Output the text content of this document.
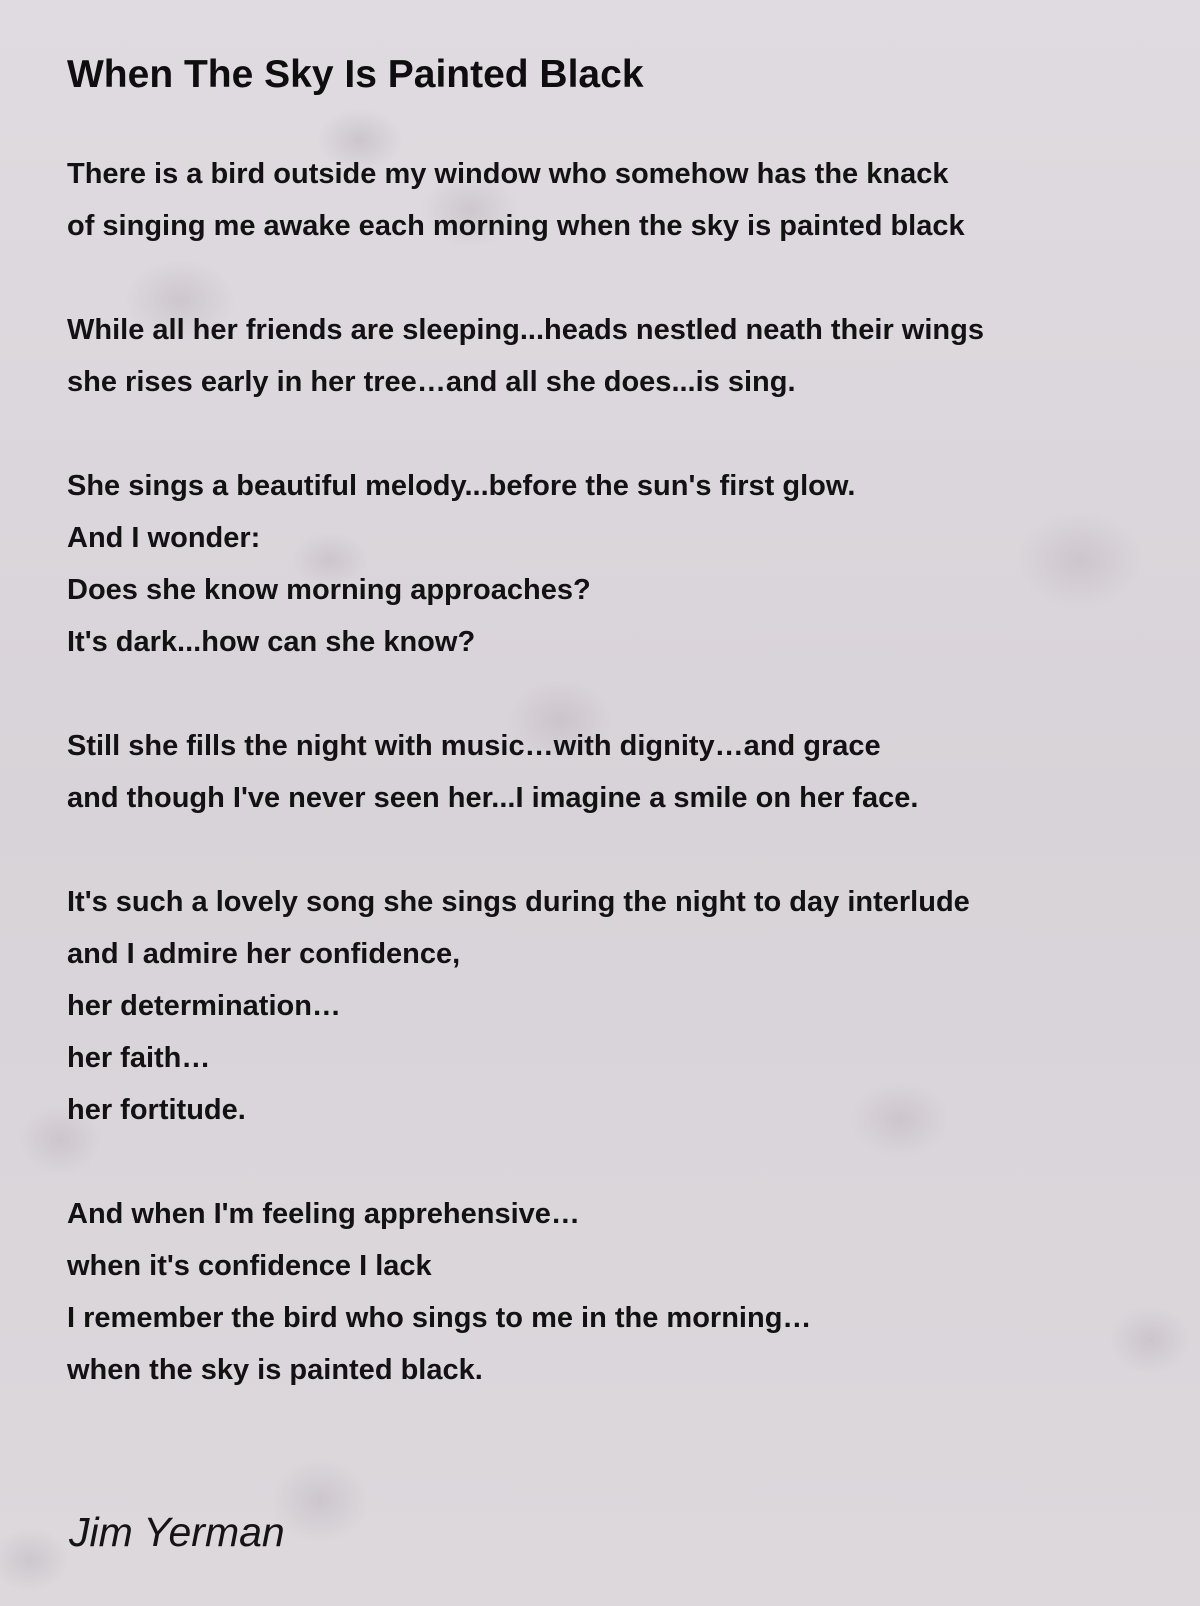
When The Sky Is Painted Black
There is a bird outside my window who somehow has the knack
of singing me awake each morning when the sky is painted black
While all her friends are sleeping...heads nestled neath their wings
she rises early in her tree…and all she does...is sing.
She sings a beautiful melody...before the sun's first glow.
And I wonder:
Does she know morning approaches?
It's dark...how can she know?
Still she fills the night with music…with dignity…and grace
and though I've never seen her...I imagine a smile on her face.
It's such a lovely song she sings during the night to day interlude
and I admire her confidence,
her determination…
her faith…
her fortitude.
And when I'm feeling apprehensive…
when it's confidence I lack
I remember the bird who sings to me in the morning…
when the sky is painted black.

Jim Yerman
